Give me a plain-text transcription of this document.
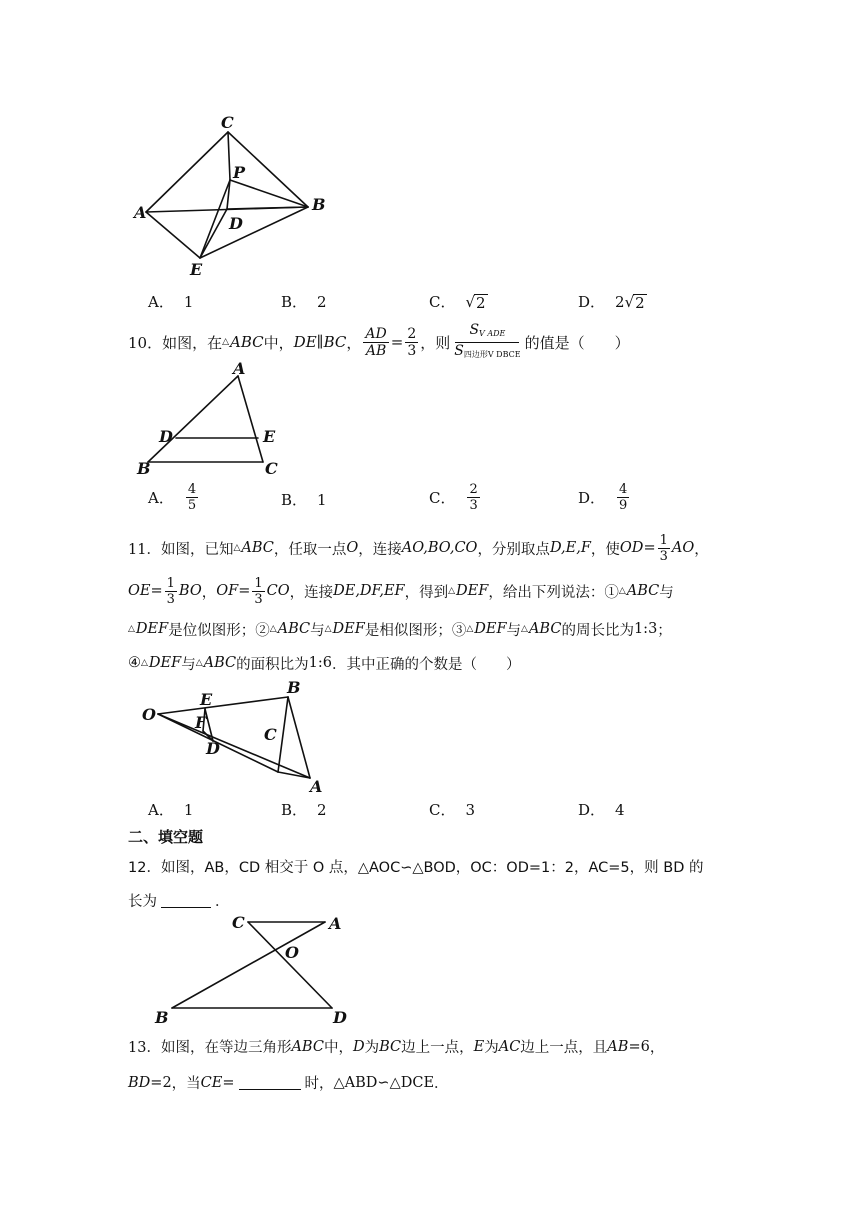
C
P
A	B
D
E
A． 1	B． 2	C． √ 2	D． 2 √ 2
10． 如图，在 △ ABC 中， DE ∥ BC ， $\frac{AD}{AB} = \frac{2}{3}$ ，则 $\frac{S_{V ADE}}{\text{S四边形V DBCE}}$ 的值是（　　）
A
D	E
B	C
A． $\frac{4}{5}$	B． 1	C． $\frac{2}{3}$	D． $\frac{4}{9}$
11． 如图，已知 △ ABC ，任取一点 O ，连接 AO,BO,CO ，分别取点 D,E,F ，使 OD = $\frac{1}{3}$ AO ，
OE = $\frac{1}{3}$ BO ， OF = $\frac{1}{3}$ CO ，连接 DE,DF,EF ，得到 △ DEF ，给出下列说法：① △ ABC 与
△ DEF 是位似图形；② △ ABC 与 △ DEF 是相似图形；③ △ DEF 与 △ ABC 的周长比为 1:3 ；
④ △ DEF 与 △ ABC 的面积比为 1:6 ．其中正确的个数是（　　）
O
E
F
D
B
C
A
A． 1	B． 2	C． 3	D． 4
二、填空题
12．如图，AB，CD 相交于 O 点，△AOC∽△BOD，OC：OD=1：2，AC=5，则 BD 的
长为	．
C	A
O
B	D
13．如图，在等边三角形 ABC 中， D 为 BC 边上一点， E 为 AC 边上一点，且 AB = 6 ，
BD = 2 ，当 CE =	时， △ABD∽△DCE ．
